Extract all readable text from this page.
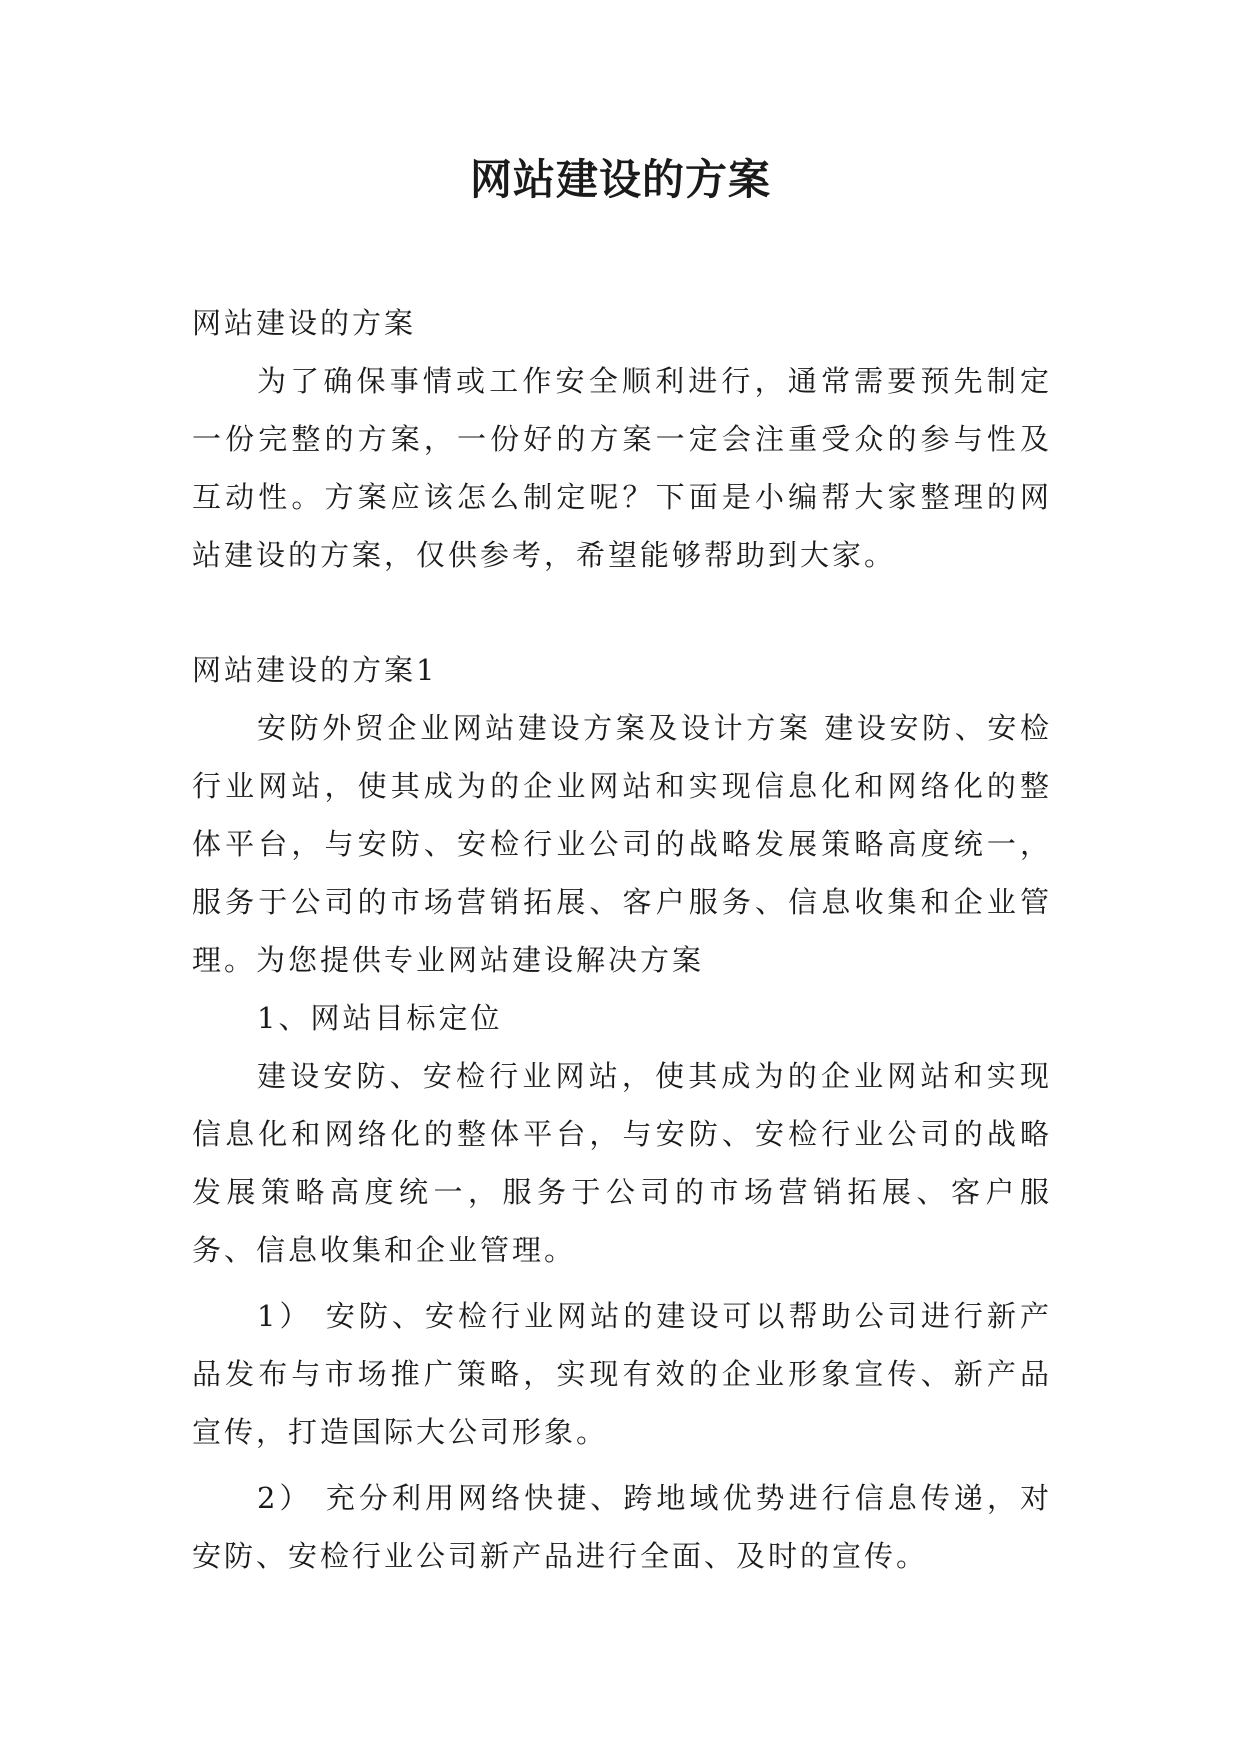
网站建设的方案

网站建设的方案

为了确保事情或工作安全顺利进行，通常需要预先制定一份完整的方案，一份好的方案一定会注重受众的参与性及互动性。方案应该怎么制定呢？下面是小编帮大家整理的网站建设的方案，仅供参考，希望能够帮助到大家。

网站建设的方案1

安防外贸企业网站建设方案及设计方案 建设安防、安检行业网站，使其成为的企业网站和实现信息化和网络化的整体平台，与安防、安检行业公司的战略发展策略高度统一，服务于公司的市场营销拓展、客户服务、信息收集和企业管理。为您提供专业网站建设解决方案

1、网站目标定位

建设安防、安检行业网站，使其成为的企业网站和实现信息化和网络化的整体平台，与安防、安检行业公司的战略发展策略高度统一，服务于公司的市场营销拓展、客户服务、信息收集和企业管理。

1） 安防、安检行业网站的建设可以帮助公司进行新产品发布与市场推广策略，实现有效的企业形象宣传、新产品宣传，打造国际大公司形象。

2） 充分利用网络快捷、跨地域优势进行信息传递，对安防、安检行业公司新产品进行全面、及时的宣传。
